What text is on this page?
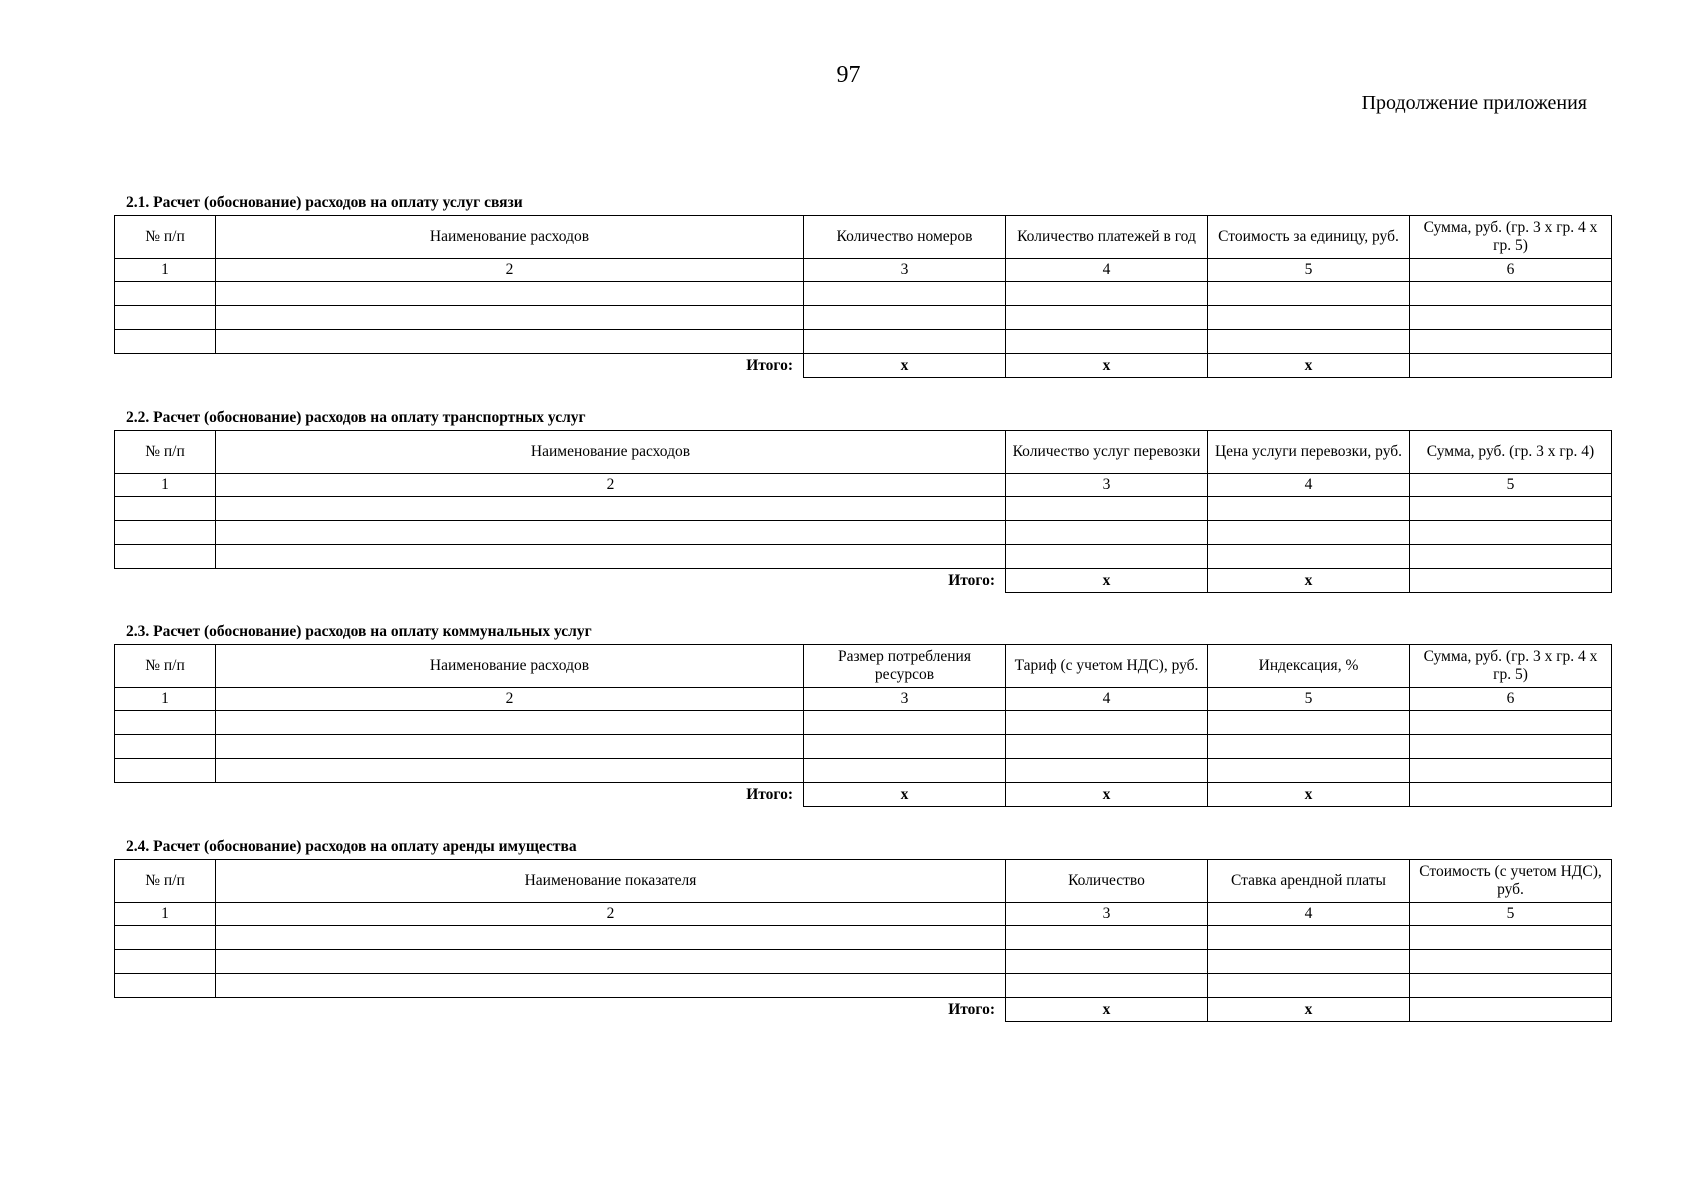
97
Продолжение приложения
2.1. Расчет (обоснование) расходов на оплату услуг связи
№ п/п	Наименование расходов	Количество номеров	Количество платежей в год	Стоимость за единицу, руб.	Сумма, руб. (гр. 3 х гр. 4 х гр. 5)
1	2	3	4	5	6

Итого:		х	х	х	
2.2. Расчет (обоснование) расходов на оплату транспортных услуг
№ п/п	Наименование расходов	Количество услуг перевозки	Цена услуги перевозки, руб.	Сумма, руб. (гр. 3 х гр. 4)
1	2	3	4	5

Итого:		х	х	
2.3. Расчет (обоснование) расходов на оплату коммунальных услуг
№ п/п	Наименование расходов	Размер потребления ресурсов	Тариф (с учетом НДС), руб.	Индексация, %	Сумма, руб. (гр. 3 х гр. 4 х гр. 5)
1	2	3	4	5	6

Итого:		х	х	х	
2.4. Расчет (обоснование) расходов на оплату аренды имущества
№ п/п	Наименование показателя	Количество	Ставка арендной платы	Стоимость (с учетом НДС), руб.
1	2	3	4	5

Итого:		х	х	
